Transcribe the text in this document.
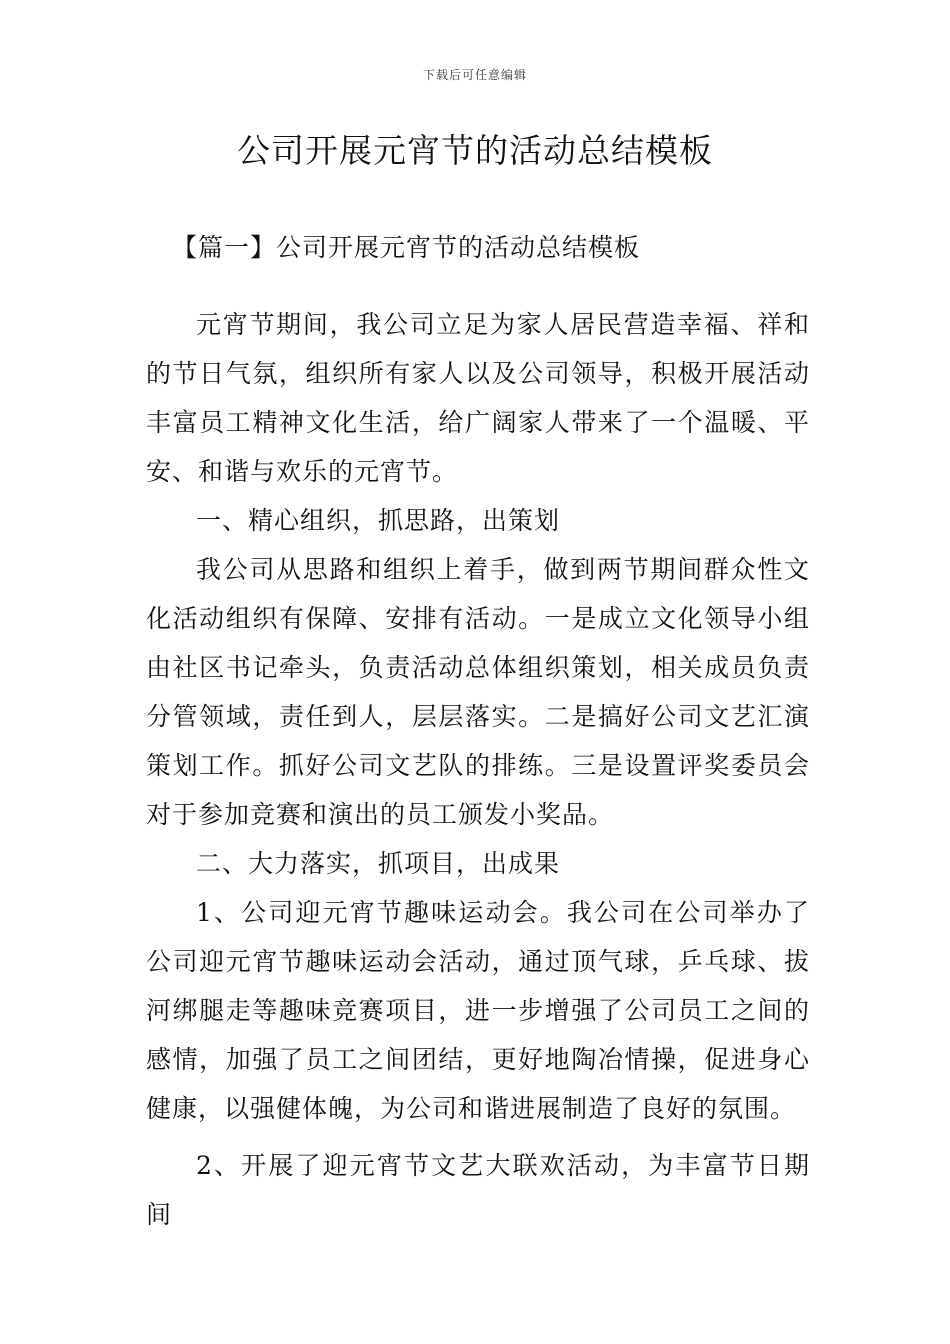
下载后可任意编辑
公司开展元宵节的活动总结模板
【篇一】公司开展元宵节的活动总结模板

元宵节期间，我公司立足为家人居民营造幸福、祥和的节日气氛，组织所有家人以及公司领导，积极开展活动丰富员工精神文化生活，给广阔家人带来了一个温暖、平安、和谐与欢乐的元宵节。

一、精心组织，抓思路，出策划

我公司从思路和组织上着手，做到两节期间群众性文化活动组织有保障、安排有活动。一是成立文化领导小组由社区书记牵头，负责活动总体组织策划，相关成员负责分管领域，责任到人，层层落实。二是搞好公司文艺汇演策划工作。抓好公司文艺队的排练。三是设置评奖委员会对于参加竞赛和演出的员工颁发小奖品。

二、大力落实，抓项目，出成果

1、公司迎元宵节趣味运动会。我公司在公司举办了公司迎元宵节趣味运动会活动，通过顶气球，乒乓球、拔河绑腿走等趣味竞赛项目，进一步增强了公司员工之间的感情，加强了员工之间团结，更好地陶冶情操，促进身心健康，以强健体魄，为公司和谐进展制造了良好的氛围。

2、开展了迎元宵节文艺大联欢活动，为丰富节日期间
